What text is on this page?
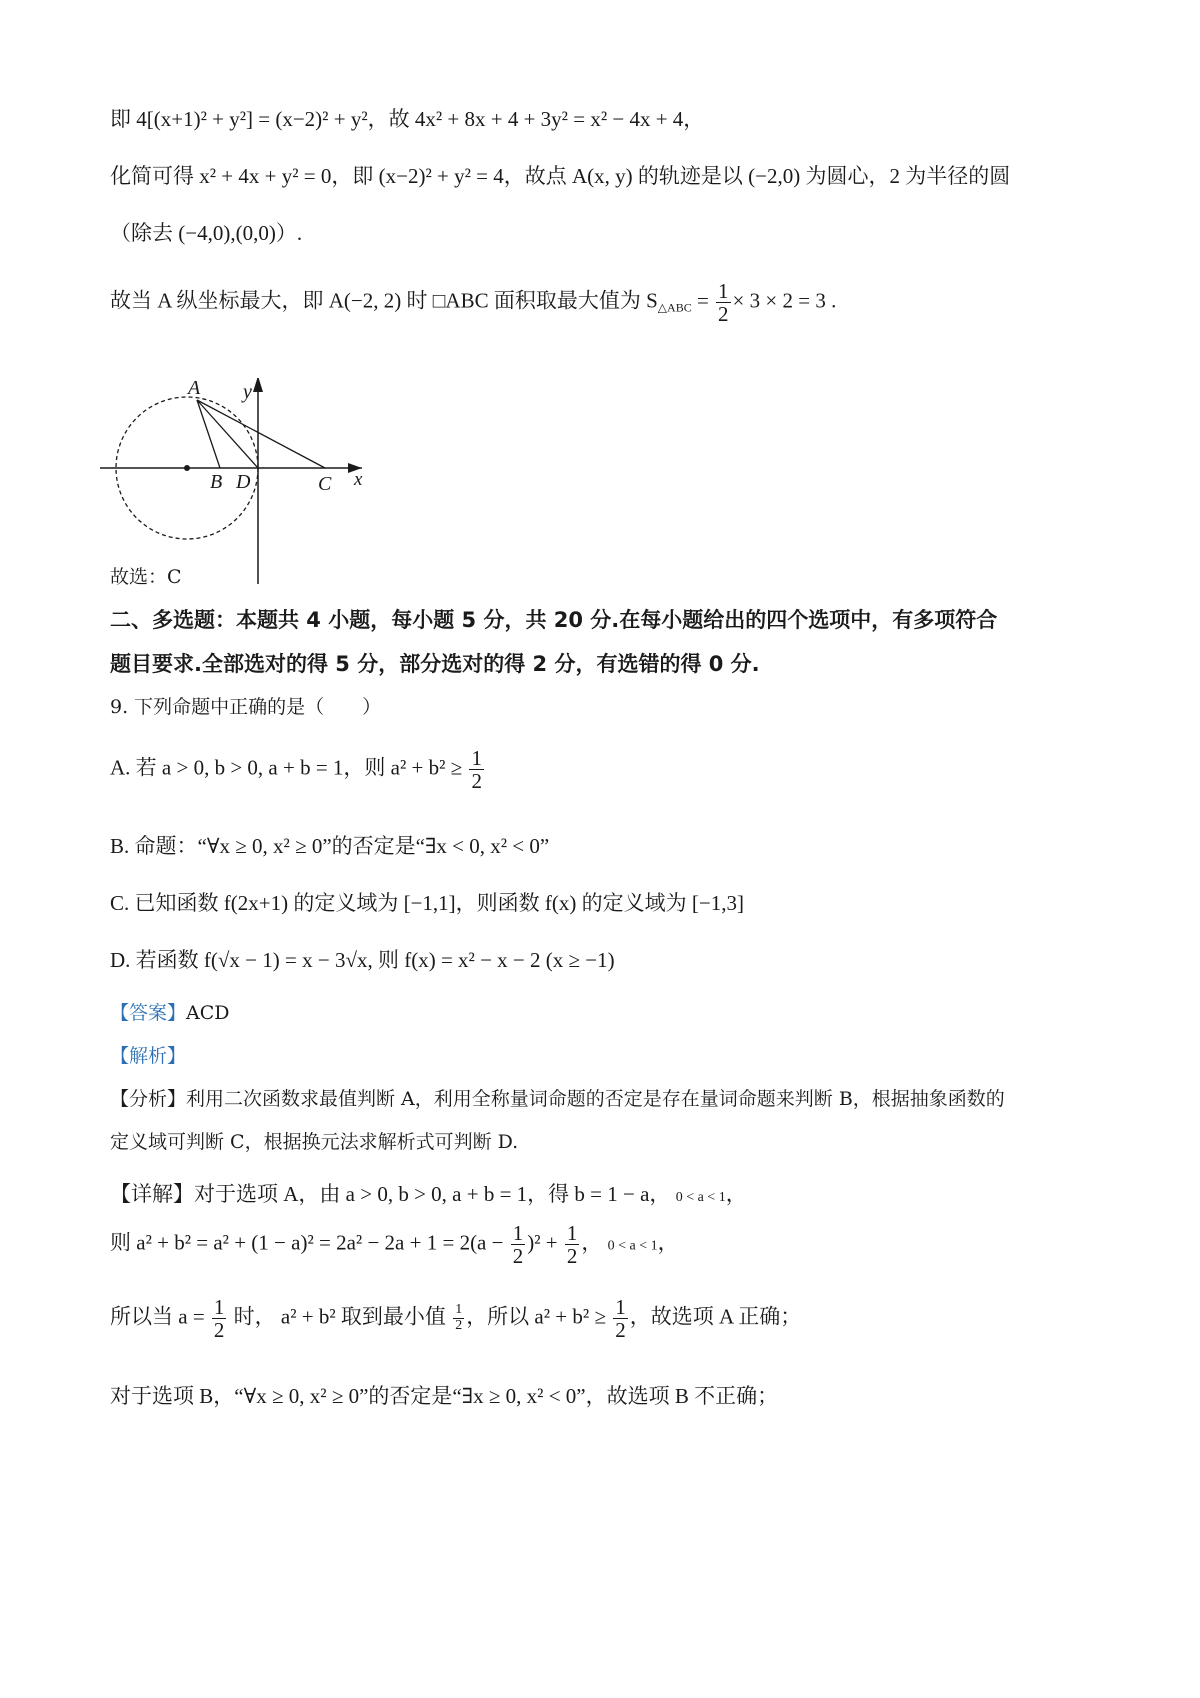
即 4[(x+1)² + y²] = (x−2)² + y²，故 4x² + 8x + 4 + 3y² = x² − 4x + 4，
化简可得 x² + 4x + y² = 0，即 (x−2)² + y² = 4，故点 A(x, y) 的轨迹是以 (−2,0) 为圆心，2 为半径的圆
（除去 (−4,0),(0,0)）.
故当 A 纵坐标最大，即 A(−2, 2) 时 □ABC 面积取最大值为 $S_{\triangle ABC} = \frac{1}{2} \times 3 \times 2 = 3$ .
y
A
B D	C x
故选：C
二、多选题：本题共 4 小题，每小题 5 分，共 20 分.在每小题给出的四个选项中，有多项符合
题目要求.全部选对的得 5 分，部分选对的得 2 分，有选错的得 0 分.
9. 下列命题中正确的是（　　）
A. 若 a > 0, b > 0, a + b = 1，则 $a^2 + b^2 \ge \frac{1}{2}$
B. 命题：“∀x ≥ 0, x² ≥ 0”的否定是“∃x < 0, x² < 0”
C. 已知函数 f(2x+1) 的定义域为 [−1,1]，则函数 f(x) 的定义域为 [−1,3]
D. 若函数 f(√x − 1) = x − 3√x, 则 f(x) = x² − x − 2 (x ≥ −1)
【答案】ACD
【解析】
【分析】利用二次函数求最值判断 A，利用全称量词命题的否定是存在量词命题来判断 B，根据抽象函数的
定义域可判断 C，根据换元法求解析式可判断 D.
【详解】对于选项 A，由 a > 0, b > 0, a + b = 1，得 b = 1 − a， 0 < a < 1，
则 $a^2 + b^2 = a^2 + (1 - a)^2 = 2a^2 - 2a + 1 = 2(a - \frac{1}{2} )^2 + \frac{1}{2}$ ， 0 < a < 1，
所以当 $a = \frac{1}{2}$ 时， a² + b² 取到最小值 $\frac{1}{2}$ ，所以 $a^2 + b^2 \ge \frac{1}{2}$ ，故选项 A 正确；
对于选项 B，“∀x ≥ 0, x² ≥ 0”的否定是“∃x ≥ 0, x² < 0”，故选项 B 不正确；
